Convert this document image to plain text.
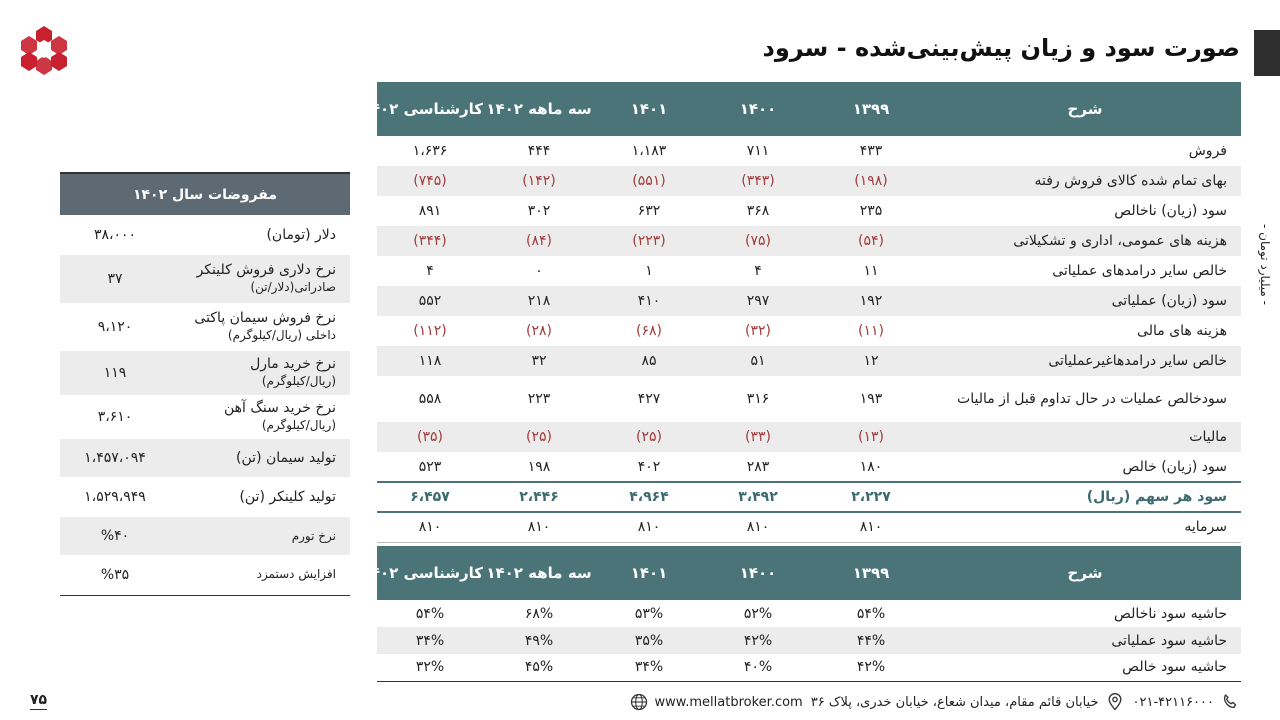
صورت سود و زیان پیش‌بینی‌شده - سرود
- میلیارد تومان -
شرح	۱۳۹۹	۱۴۰۰	۱۴۰۱	سه ماهه ۱۴۰۲	کارشناسی ۱۴۰۲
فروش	۴۳۳	۷۱۱	۱،۱۸۳	۴۴۴	۱،۶۳۶
بهای تمام شده کالای فروش رفته	(۱۹۸)	(۳۴۳)	(۵۵۱)	(۱۴۲)	(۷۴۵)
سود (زیان) ناخالص	۲۳۵	۳۶۸	۶۳۲	۳۰۲	۸۹۱
هزینه های عمومی، اداری و تشکیلاتی	(۵۴)	(۷۵)	(۲۲۳)	(۸۴)	(۳۴۴)
خالص سایر درامدهای عملیاتی	۱۱	۴	۱	۰	۴
سود (زیان) عملیاتی	۱۹۲	۲۹۷	۴۱۰	۲۱۸	۵۵۲
هزینه های مالی	(۱۱)	(۳۲)	(۶۸)	(۲۸)	(۱۱۲)
خالص سایر درامدهاغیرعملیاتی	۱۲	۵۱	۸۵	۳۲	۱۱۸
سودخالص عملیات در حال تداوم قبل از مالیات	۱۹۳	۳۱۶	۴۲۷	۲۲۳	۵۵۸
مالیات	(۱۳)	(۳۳)	(۲۵)	(۲۵)	(۳۵)
سود (زیان) خالص	۱۸۰	۲۸۳	۴۰۲	۱۹۸	۵۲۳
سود هر سهم (ریال)	۲،۲۲۷	۳،۴۹۲	۴،۹۶۴	۲،۴۴۶	۶،۴۵۷
سرمایه	۸۱۰	۸۱۰	۸۱۰	۸۱۰	۸۱۰
شرح	۱۳۹۹	۱۴۰۰	۱۴۰۱	سه ماهه ۱۴۰۲	کارشناسی ۱۴۰۲
حاشیه سود ناخالص	۵۴%	۵۲%	۵۳%	۶۸%	۵۴%
حاشیه سود عملیاتی	۴۴%	۴۲%	۳۵%	۴۹%	۳۴%
حاشیه سود خالص	۴۲%	۴۰%	۳۴%	۴۵%	۳۲%
مفروضات سال ۱۴۰۲	

دلار (تومان)	۳۸،۰۰۰

نرخ دلاری فروش کلینکر
صادراتی(دلار/تن)	۳۷

نرخ فروش سیمان پاکتی
داخلی (ریال/کیلوگرم)	۹،۱۲۰

نرخ خرید مارل
(ریال/کیلوگرم)	۱۱۹

نرخ خرید سنگ آهن
(ریال/کیلوگرم)	۳،۶۱۰

تولید سیمان (تن)	۱،۴۵۷،۰۹۴

تولید کلینکر (تن)	۱،۵۲۹،۹۴۹

نرخ تورم	%۴۰

افزایش دستمزد	%۳۵
۷۵	۰۲۱-۴۲۱۱۶۰۰۰
خیابان قائم مقام، میدان شعاع، خیابان خدری، پلاک ۳۶
www.mellatbroker.com
